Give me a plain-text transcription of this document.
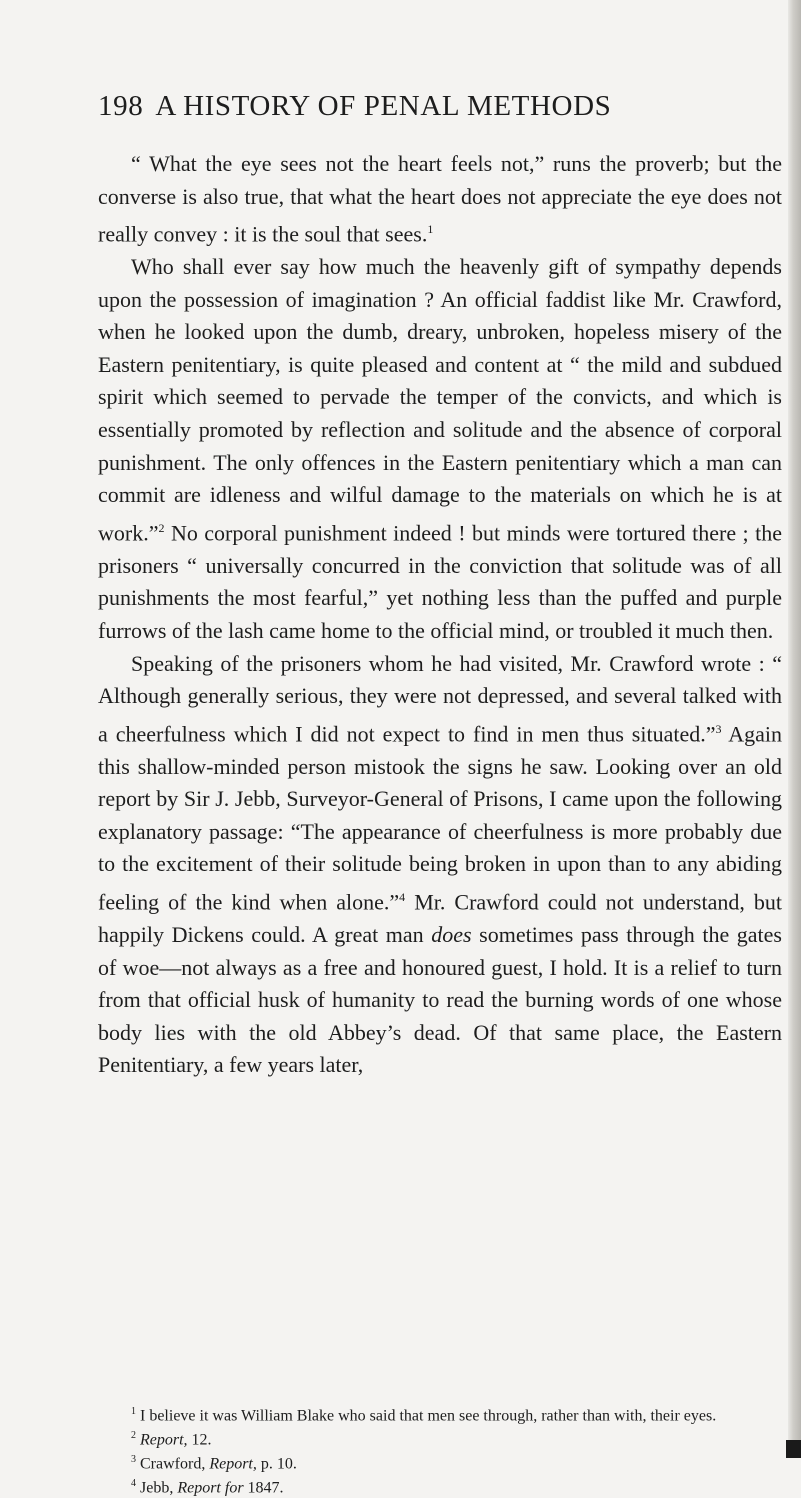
198 A HISTORY OF PENAL METHODS

“ What the eye sees not the heart feels not,” runs the proverb; but the converse is also true, that what the heart does not appreciate the eye does not really convey : it is the soul that sees.$^1$

Who shall ever say how much the heavenly gift of sympathy depends upon the possession of imagination ? An official faddist like Mr. Crawford, when he looked upon the dumb, dreary, unbroken, hopeless misery of the Eastern penitentiary, is quite pleased and content at “ the mild and subdued spirit which seemed to pervade the temper of the convicts, and which is essentially promoted by reflection and solitude and the absence of corporal punishment. The only offences in the Eastern penitentiary which a man can commit are idleness and wilful damage to the materials on which he is at work.”$^2$ No corporal punishment indeed ! but minds were tortured there ; the prisoners “ universally concurred in the conviction that solitude was of all punishments the most fearful,” yet nothing less than the puffed and purple furrows of the lash came home to the official mind, or troubled it much then.

Speaking of the prisoners whom he had visited, Mr. Crawford wrote : “ Although generally serious, they were not depressed, and several talked with a cheerfulness which I did not expect to find in men thus situated.”$^3$ Again this shallow-minded person mistook the signs he saw. Looking over an old report by Sir J. Jebb, Surveyor-General of Prisons, I came upon the following explanatory passage: “The appearance of cheerfulness is more probably due to the excitement of their solitude being broken in upon than to any abiding feeling of the kind when alone.”$^4$ Mr. Crawford could not understand, but happily Dickens could. A great man does sometimes pass through the gates of woe—not always as a free and honoured guest, I hold. It is a relief to turn from that official husk of humanity to read the burning words of one whose body lies with the old Abbey’s dead. Of that same place, the Eastern Penitentiary, a few years later,

$^1$ I believe it was William Blake who said that men see through, rather than with, their eyes.

$^2$ Report, 12.

$^3$ Crawford, Report, p. 10.

$^4$ Jebb, Report for 1847.
